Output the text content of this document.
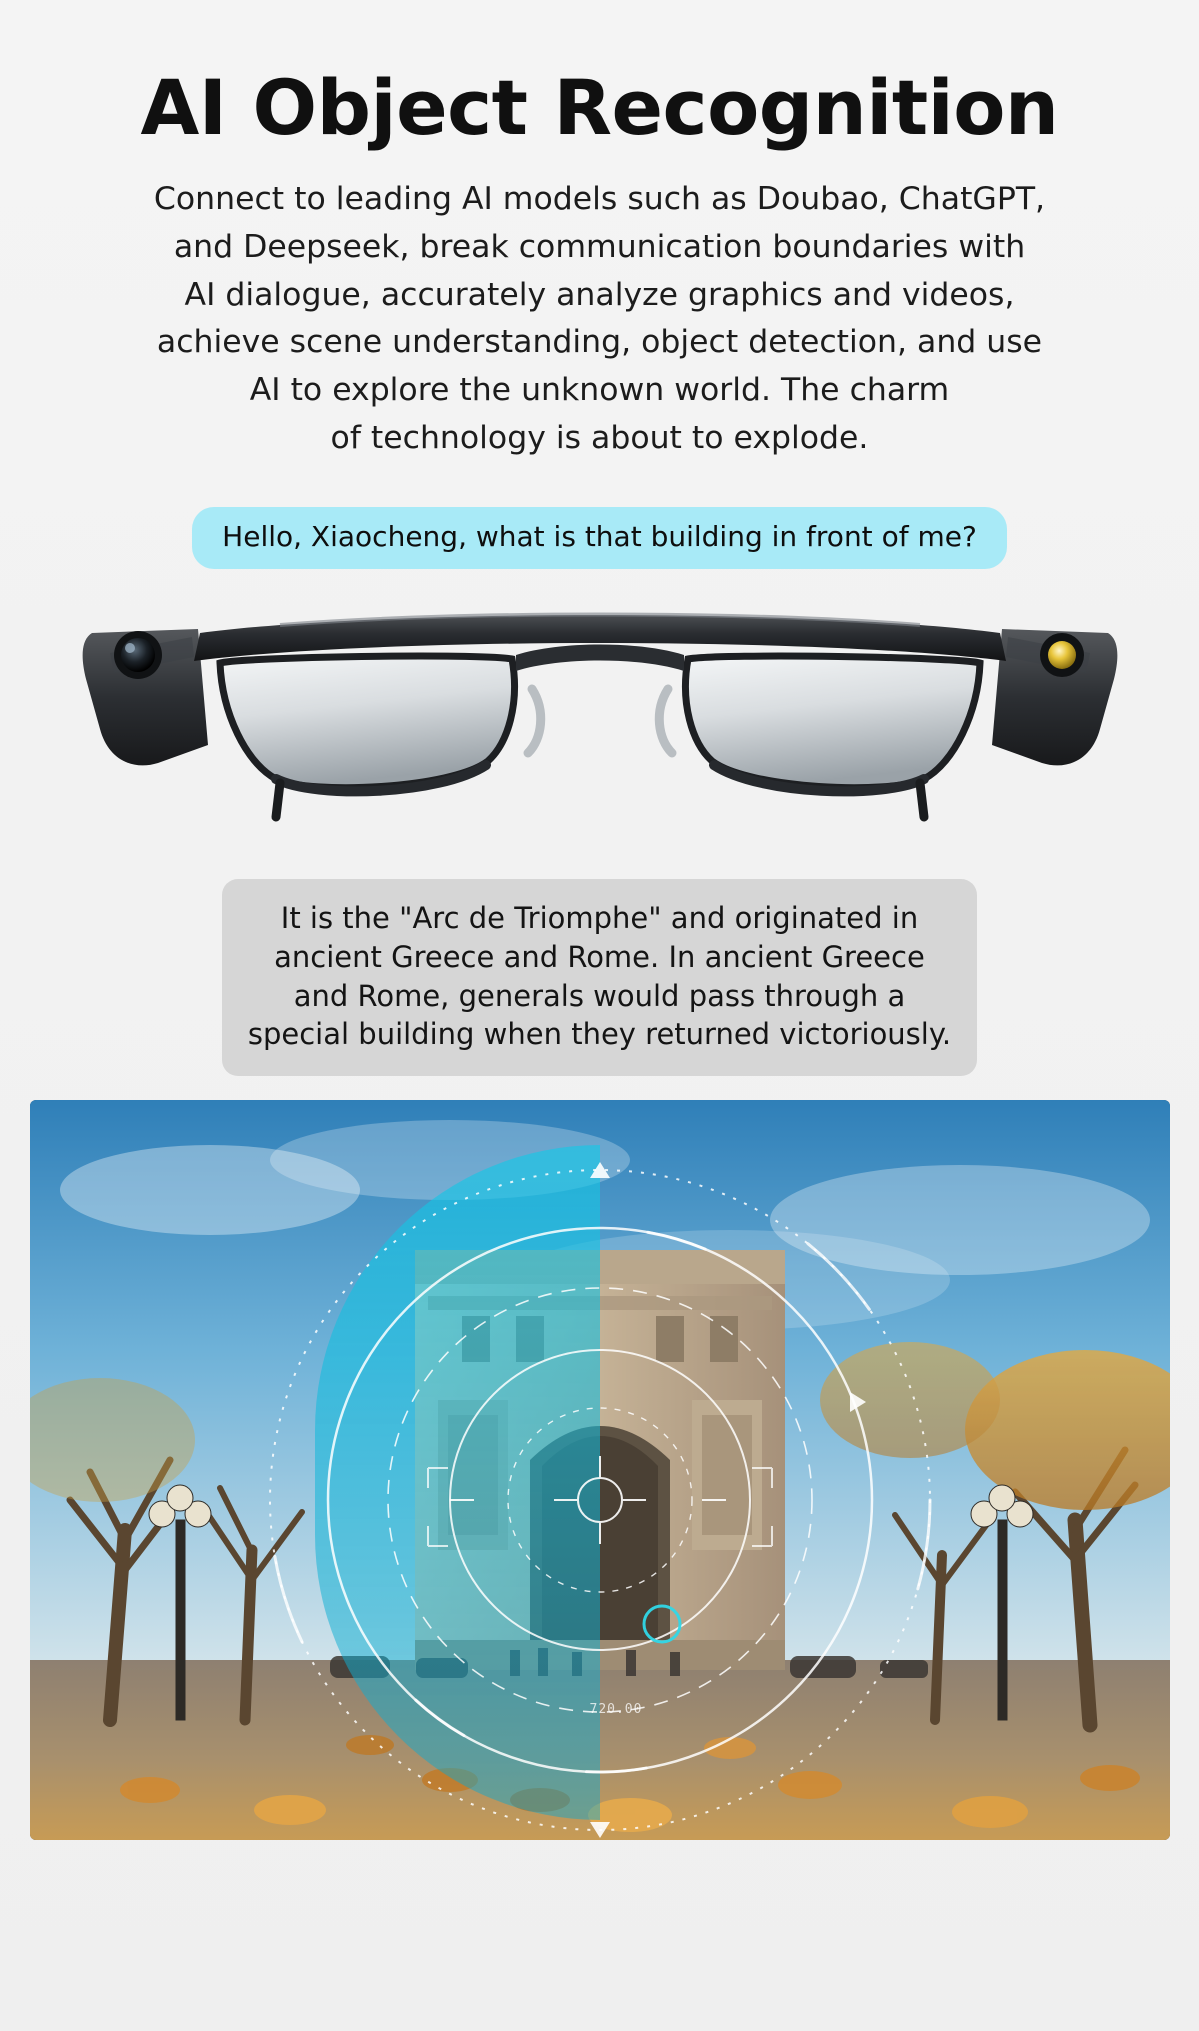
AI Object Recognition
Connect to leading AI models such as Doubao, ChatGPT,
and Deepseek, break communication boundaries with
AI dialogue, accurately analyze graphics and videos,
achieve scene understanding, object detection, and use
AI to explore the unknown world. The charm
of technology is about to explode.
Hello, Xiaocheng, what is that building in front of me?
It is the "Arc de Triomphe" and originated in
ancient Greece and Rome. In ancient Greece
and Rome, generals would pass through a
special building when they returned victoriously.
720.00
